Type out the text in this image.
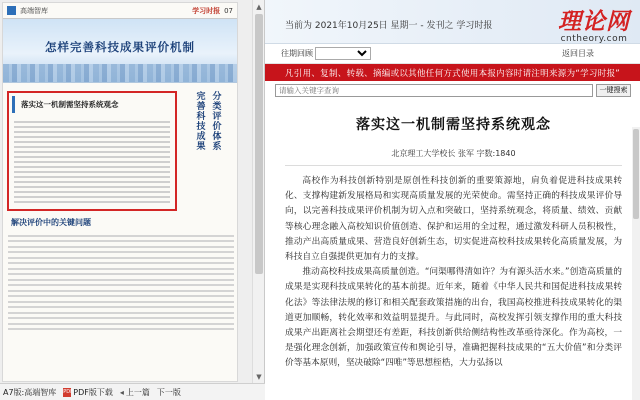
高端智库	学习时报 07
怎样完善科技成果评价机制
落实这一机制需坚持系统观念	完善科技成果 分类评价体系
解决评价中的关键问题
▲
▼
A7版:高端智库 PDF PDF版下载 ◂ 上一篇 下一版
当前为 2021年10月25日 星期一 - 发刊之 学习时报	理论网
cntheory.com
往期回顾	返回目录
凡引用、复制、转载、摘编或以其他任何方式使用本报内容时请注明来源为“学习时报”
请输入关键字查询
一键搜索
落实这一机制需坚持系统观念
北京理工大学校长 张军 字数:1840

高校作为科技创新特别是原创性科技创新的重要策源地，肩负着促进科技成果转化、支撑构建新发展格局和实现高质量发展的光荣使命。需坚持正确的科技成果评价导向，以完善科技成果评价机制为切入点和突破口，坚持系统观念，将质量、绩效、贡献等核心理念融入高校知识价值创造、保护和运用的全过程，通过激发科研人员积极性，推动产出高质量成果、营造良好创新生态，切实促进高校科技成果转化高质量发展，为科技自立自强提供更加有力的支撑。

推动高校科技成果高质量创造。“问渠哪得清如许？为有源头活水来。”创造高质量的成果是实现科技成果转化的基本前提。近年来，随着《中华人民共和国促进科技成果转化法》等法律法规的修订和相关配套政策措施的出台，我国高校推进科技成果转化的渠道更加顺畅，转化效率和效益明显提升。与此同时，高校发挥引领支撑作用的重大科技成果产出距离社会期望还有差距，科技创新供给侧结构性改革亟待深化。作为高校，一是强化理念创新，加强政策宣传和舆论引导，准确把握科技成果的“五大价值”和分类评价等基本原则，坚决破除“四唯”等思想桎梏，大力弘扬以
